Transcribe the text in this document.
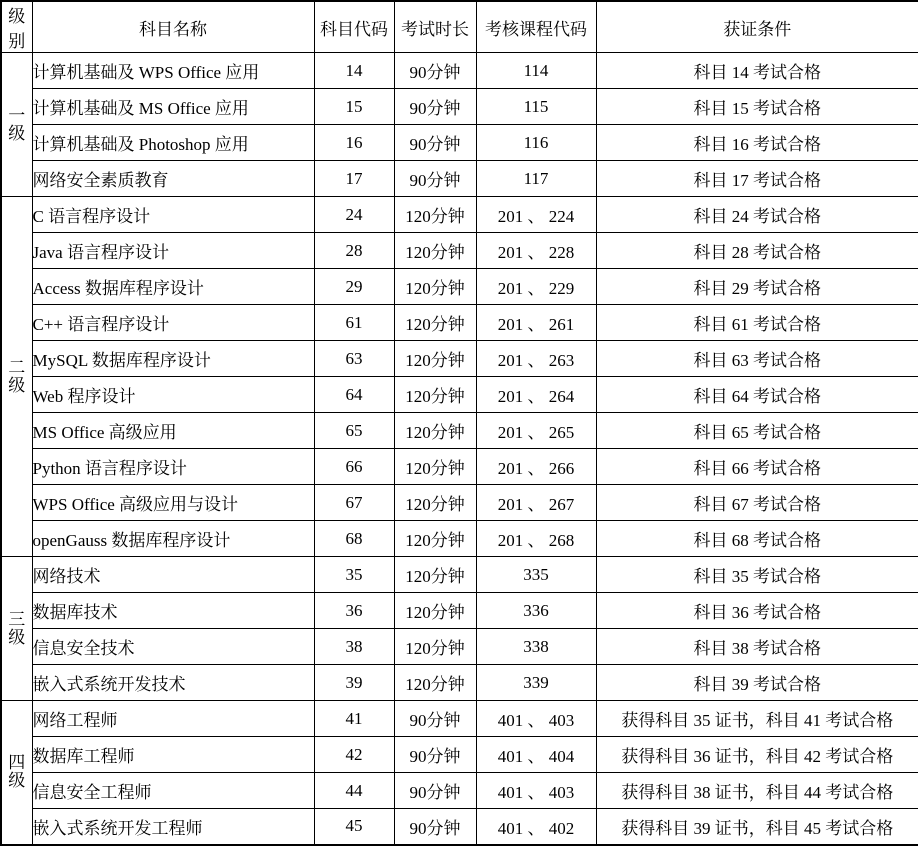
级别	科目名称	科目代码	考试时长	考核课程代码	获证条件
一级	计算机基础及 WPS Office 应用	14	90分钟	114	科目 14 考试合格
	计算机基础及 MS Office 应用	15	90分钟	115	科目 15 考试合格
	计算机基础及 Photoshop 应用	16	90分钟	116	科目 16 考试合格
	网络安全素质教育	17	90分钟	117	科目 17 考试合格
二级	C 语言程序设计	24	120分钟	201 、 224	科目 24 考试合格
	Java 语言程序设计	28	120分钟	201 、 228	科目 28 考试合格
	Access 数据库程序设计	29	120分钟	201 、 229	科目 29 考试合格
	C++ 语言程序设计	61	120分钟	201 、 261	科目 61 考试合格
	MySQL 数据库程序设计	63	120分钟	201 、 263	科目 63 考试合格
	Web 程序设计	64	120分钟	201 、 264	科目 64 考试合格
	MS Office 高级应用	65	120分钟	201 、 265	科目 65 考试合格
	Python 语言程序设计	66	120分钟	201 、 266	科目 66 考试合格
	WPS Office 高级应用与设计	67	120分钟	201 、 267	科目 67 考试合格
	openGauss 数据库程序设计	68	120分钟	201 、 268	科目 68 考试合格
三级	网络技术	35	120分钟	335	科目 35 考试合格
	数据库技术	36	120分钟	336	科目 36 考试合格
	信息安全技术	38	120分钟	338	科目 38 考试合格
	嵌入式系统开发技术	39	120分钟	339	科目 39 考试合格
四级	网络工程师	41	90分钟	401 、 403	获得科目 35 证书，科目 41 考试合格
	数据库工程师	42	90分钟	401 、 404	获得科目 36 证书，科目 42 考试合格
	信息安全工程师	44	90分钟	401 、 403	获得科目 38 证书，科目 44 考试合格
	嵌入式系统开发工程师	45	90分钟	401 、 402	获得科目 39 证书，科目 45 考试合格
